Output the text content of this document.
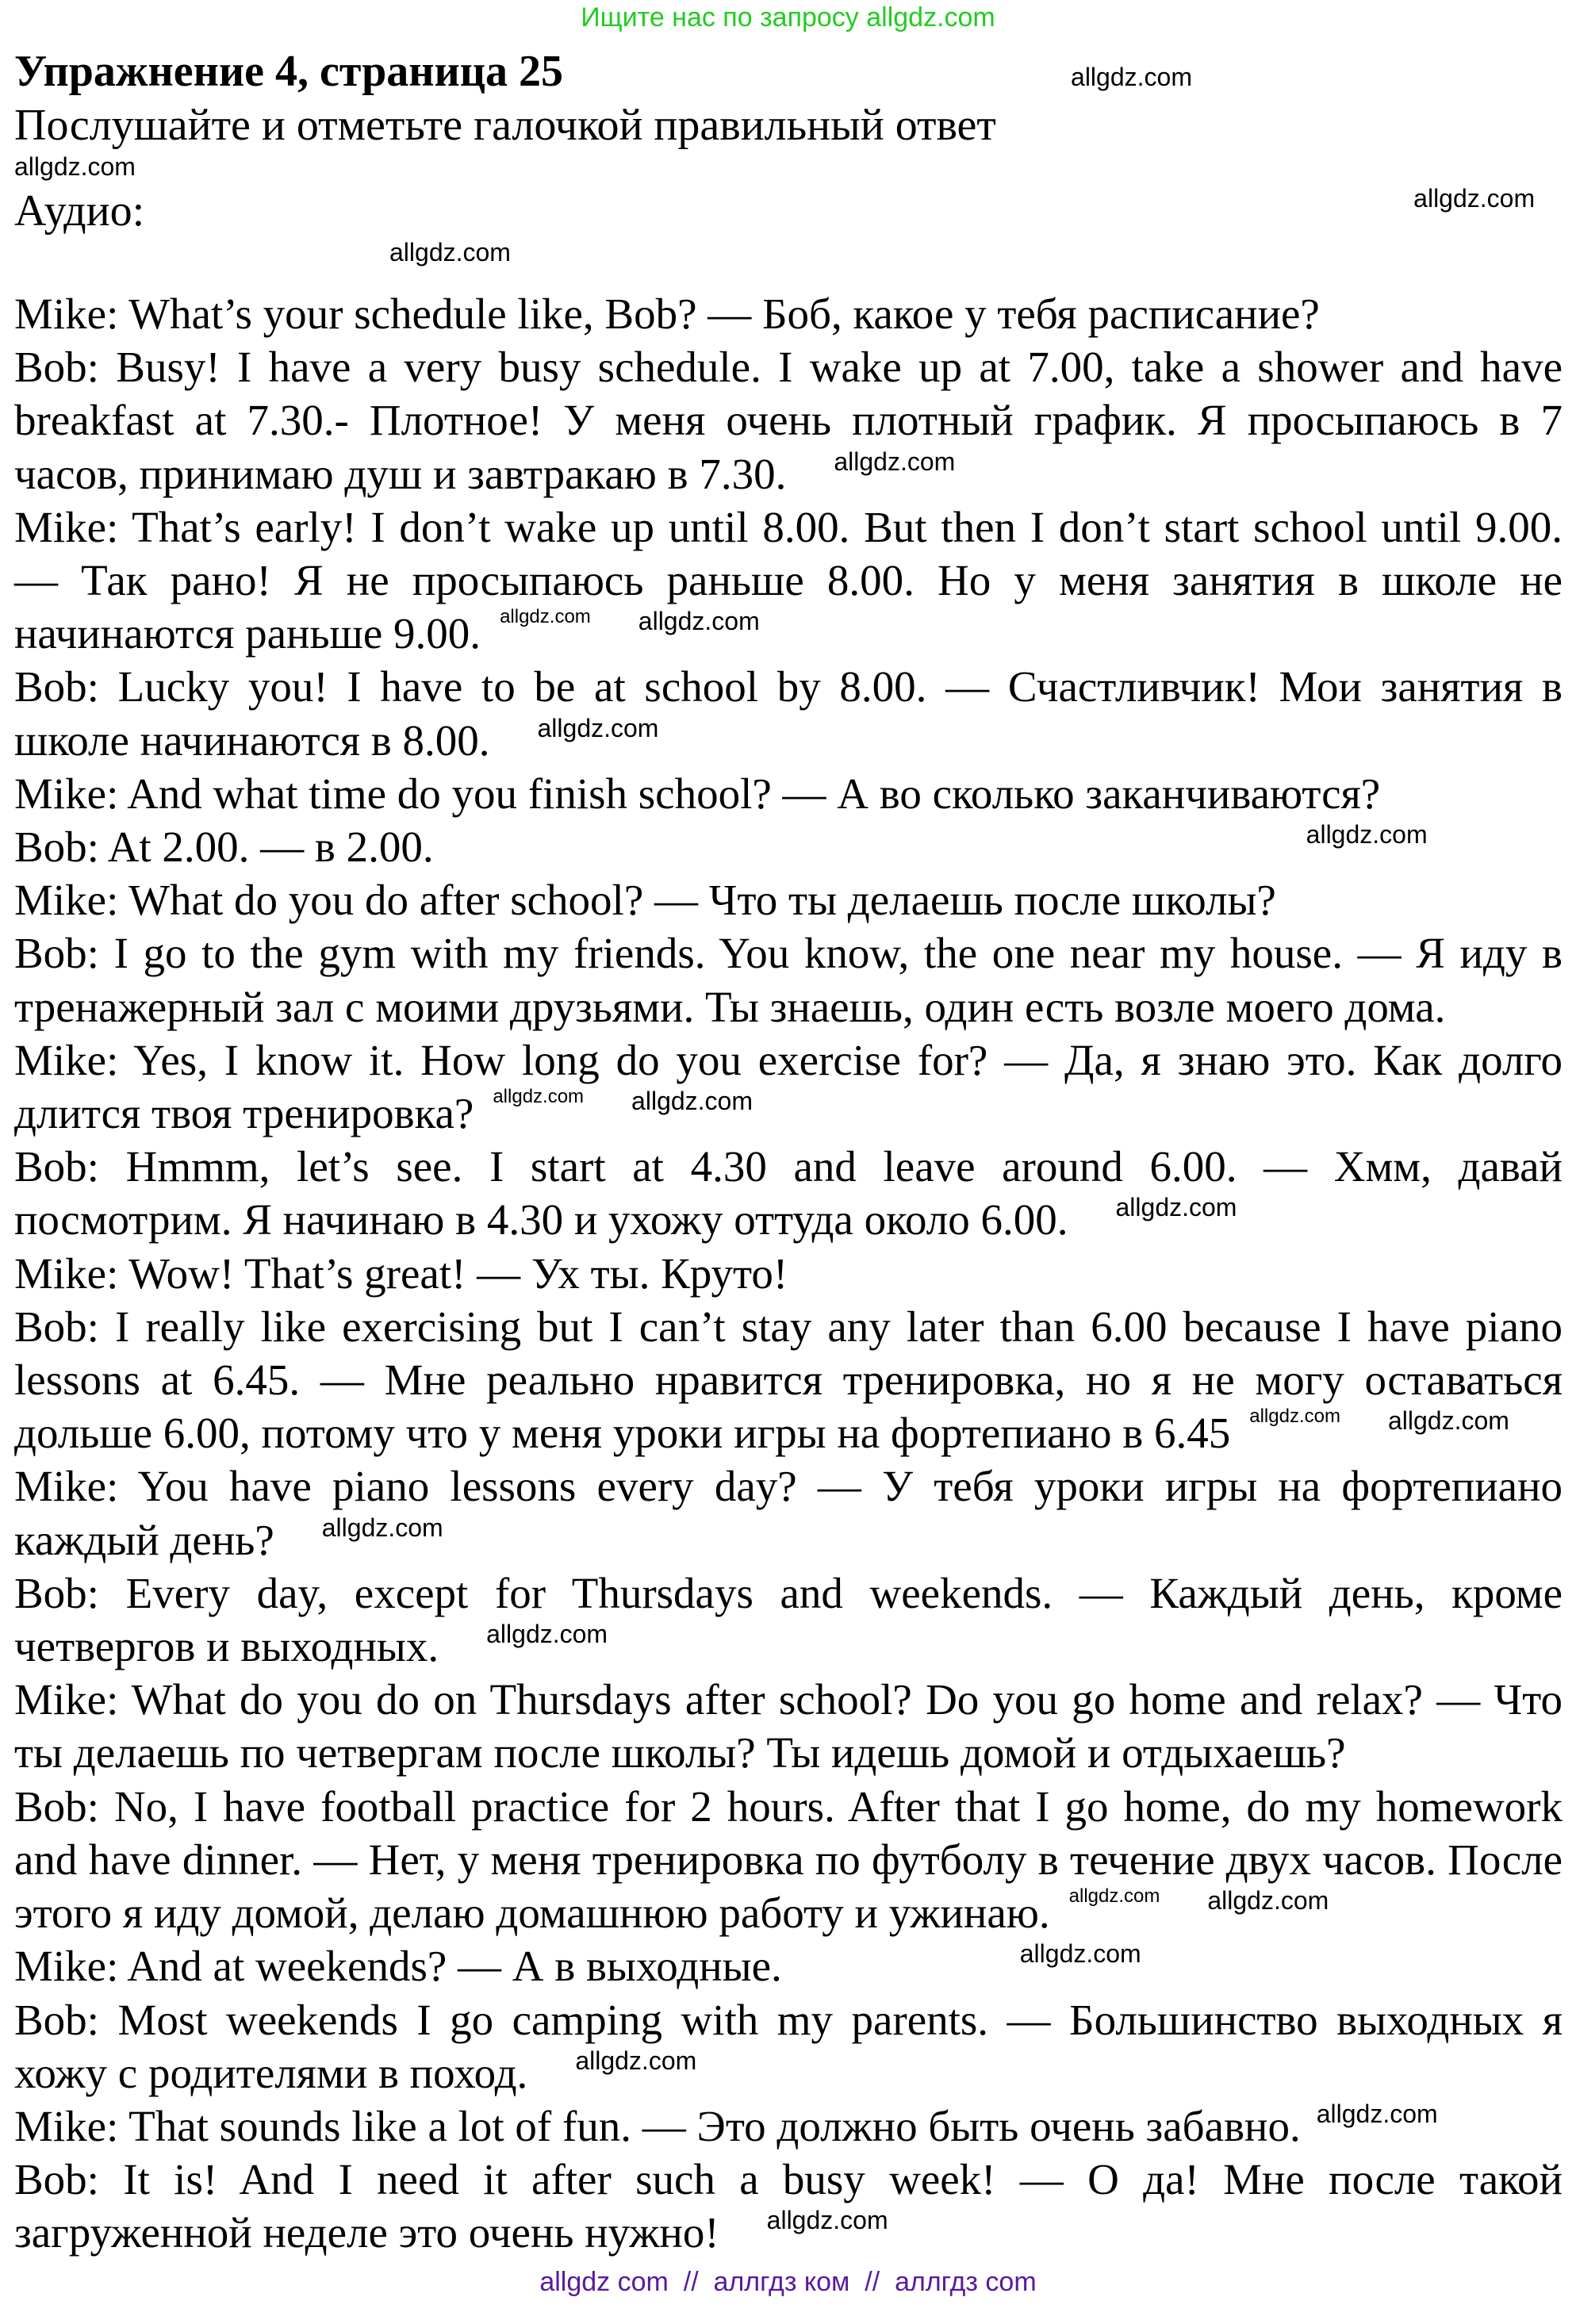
Ищите нас по запросу allgdz.com
Упражнение 4, страница 25	allgdz.com
Послушайте и отметьте галочкой правильный ответ
allgdz.com
Аудио:	$^{allgdz.com}$
allgdz.com

Mike: What’s your schedule like, Bob? — Боб, какое у тебя расписание?

Bob: Busy! I have a very busy schedule. I wake up at 7.00, take a shower and have breakfast at 7.30.- Плотное! У меня очень плотный график. Я просыпаюсь в 7 часов, принимаю душ и завтракаю в 7.30. $^{allgdz.com}$

Mike: That’s early! I don’t wake up until 8.00. But then I don’t start school until 9.00. — Так рано! Я не просыпаюсь раньше 8.00. Но у меня занятия в школе не начинаются раньше 9.00. $^{allgdz.com}$ $^{allgdz.com}$

Bob: Lucky you! I have to be at school by 8.00. — Счастливчик! Мои занятия в школе начинаются в 8.00. $^{allgdz.com}$

Mike: And what time do you finish school? — А во сколько заканчиваются?

Bob: At 2.00. — в 2.00.	$^{allgdz.com}$

Mike: What do you do after school? — Что ты делаешь после школы?

Bob: I go to the gym with my friends. You know, the one near my house. — Я иду в тренажерный зал с моими друзьями. Ты знаешь, один есть возле моего дома.

Mike: Yes, I know it. How long do you exercise for? — Да, я знаю это. Как долго длится твоя тренировка? $^{allgdz.com}$ $^{allgdz.com}$

Bob: Hmmm, let’s see. I start at 4.30 and leave around 6.00. — Хмм, давай посмотрим. Я начинаю в 4.30 и ухожу оттуда около 6.00. $^{allgdz.com}$

Mike: Wow! That’s great! — Ух ты. Круто!

Bob: I really like exercising but I can’t stay any later than 6.00 because I have piano lessons at 6.45. — Мне реально нравится тренировка, но я не могу оставаться дольше 6.00, потому что у меня уроки игры на фортепиано в 6.45 $^{allgdz.com}$ $^{allgdz.com}$

Mike: You have piano lessons every day? — У тебя уроки игры на фортепиано каждый день? $^{allgdz.com}$

Bob: Every day, except for Thursdays and weekends. — Каждый день, кроме четвергов и выходных. $^{allgdz.com}$

Mike: What do you do on Thursdays after school? Do you go home and relax? — Что ты делаешь по четвергам после школы? Ты идешь домой и отдыхаешь?

Bob: No, I have football practice for 2 hours. After that I go home, do my homework and have dinner. — Нет, у меня тренировка по футболу в течение двух часов. После этого я иду домой, делаю домашнюю работу и ужинаю. $^{allgdz.com}$ $^{allgdz.com}$

Mike: And at weekends? — А в выходные.	$^{allgdz.com}$

Bob: Most weekends I go camping with my parents. — Большинство выходных я хожу с родителями в поход. $^{allgdz.com}$

Mike: That sounds like a lot of fun. — Это должно быть очень забавно. $^{allgdz.com}$

Bob: It is! And I need it after such a busy week! — О да! Мне после такой загруженной неделе это очень нужно! $^{allgdz.com}$

allgdz com  //  аллгдз ком  //  аллгдз com
